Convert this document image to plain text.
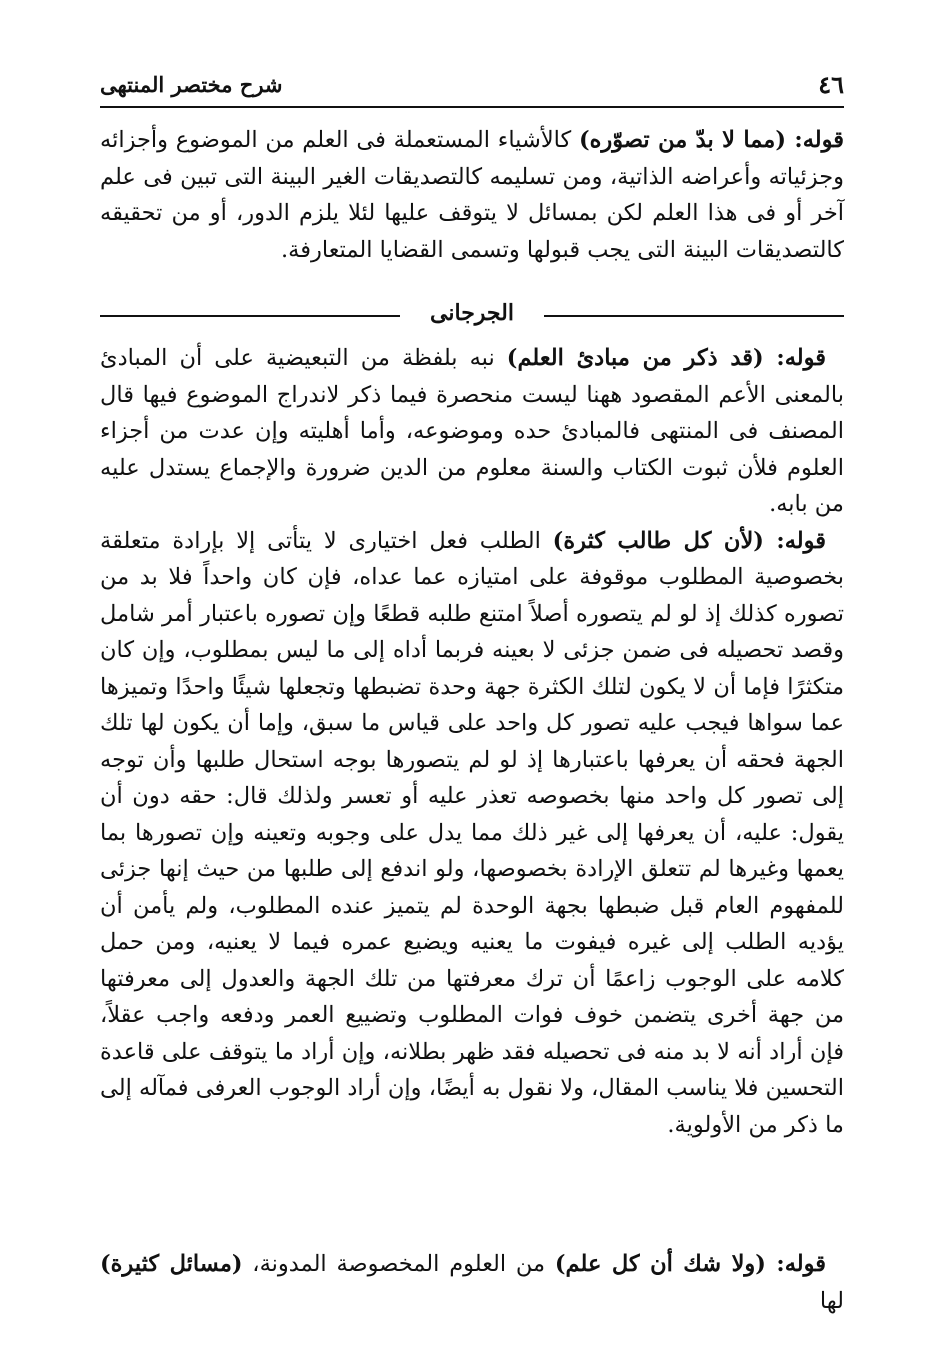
٤٦
شرح مختصر المنتهى

قوله: (مما لا بدّ من تصوّره) كالأشياء المستعملة فى العلم من الموضوع وأجزائه وجزئياته وأعراضه الذاتية، ومن تسليمه كالتصديقات الغير البينة التى تبين فى علم آخر أو فى هذا العلم لكن بمسائل لا يتوقف عليها لئلا يلزم الدور، أو من تحقيقه كالتصديقات البينة التى يجب قبولها وتسمى القضايا المتعارفة.

الجرجانى

قوله: (قد ذكر من مبادئ العلم) نبه بلفظة من التبعيضية على أن المبادئ بالمعنى الأعم المقصود ههنا ليست منحصرة فيما ذكر لاندراج الموضوع فيها قال المصنف فى المنتهى فالمبادئ حده وموضوعه، وأما أهليته وإن عدت من أجزاء العلوم فلأن ثبوت الكتاب والسنة معلوم من الدين ضرورة والإجماع يستدل عليه من بابه.

قوله: (لأن كل طالب كثرة) الطلب فعل اختيارى لا يتأتى إلا بإرادة متعلقة بخصوصية المطلوب موقوفة على امتيازه عما عداه، فإن كان واحداً فلا بد من تصوره كذلك إذ لو لم يتصوره أصلاً امتنع طلبه قطعًا وإن تصوره باعتبار أمر شامل وقصد تحصيله فى ضمن جزئى لا بعينه فربما أداه إلى ما ليس بمطلوب، وإن كان متكثرًا فإما أن لا يكون لتلك الكثرة جهة وحدة تضبطها وتجعلها شيئًا واحدًا وتميزها عما سواها فيجب عليه تصور كل واحد على قياس ما سبق، وإما أن يكون لها تلك الجهة فحقه أن يعرفها باعتبارها إذ لو لم يتصورها بوجه استحال طلبها وأن توجه إلى تصور كل واحد منها بخصوصه تعذر عليه أو تعسر ولذلك قال: حقه دون أن يقول: عليه، أن يعرفها إلى غير ذلك مما يدل على وجوبه وتعينه وإن تصورها بما يعمها وغيرها لم تتعلق الإرادة بخصوصها، ولو اندفع إلى طلبها من حيث إنها جزئى للمفهوم العام قبل ضبطها بجهة الوحدة لم يتميز عنده المطلوب، ولم يأمن أن يؤديه الطلب إلى غيره فيفوت ما يعنيه ويضيع عمره فيما لا يعنيه، ومن حمل كلامه على الوجوب زاعمًا أن ترك معرفتها من تلك الجهة والعدول إلى معرفتها من جهة أخرى يتضمن خوف فوات المطلوب وتضييع العمر ودفعه واجب عقلاً، فإن أراد أنه لا بد منه فى تحصيله فقد ظهر بطلانه، وإن أراد ما يتوقف على قاعدة التحسين فلا يناسب المقال، ولا نقول به أيضًا، وإن أراد الوجوب العرفى فمآله إلى ما ذكر من الأولوية.

قوله: (ولا شك أن كل علم) من العلوم المخصوصة المدونة، (مسائل كثيرة) لها
